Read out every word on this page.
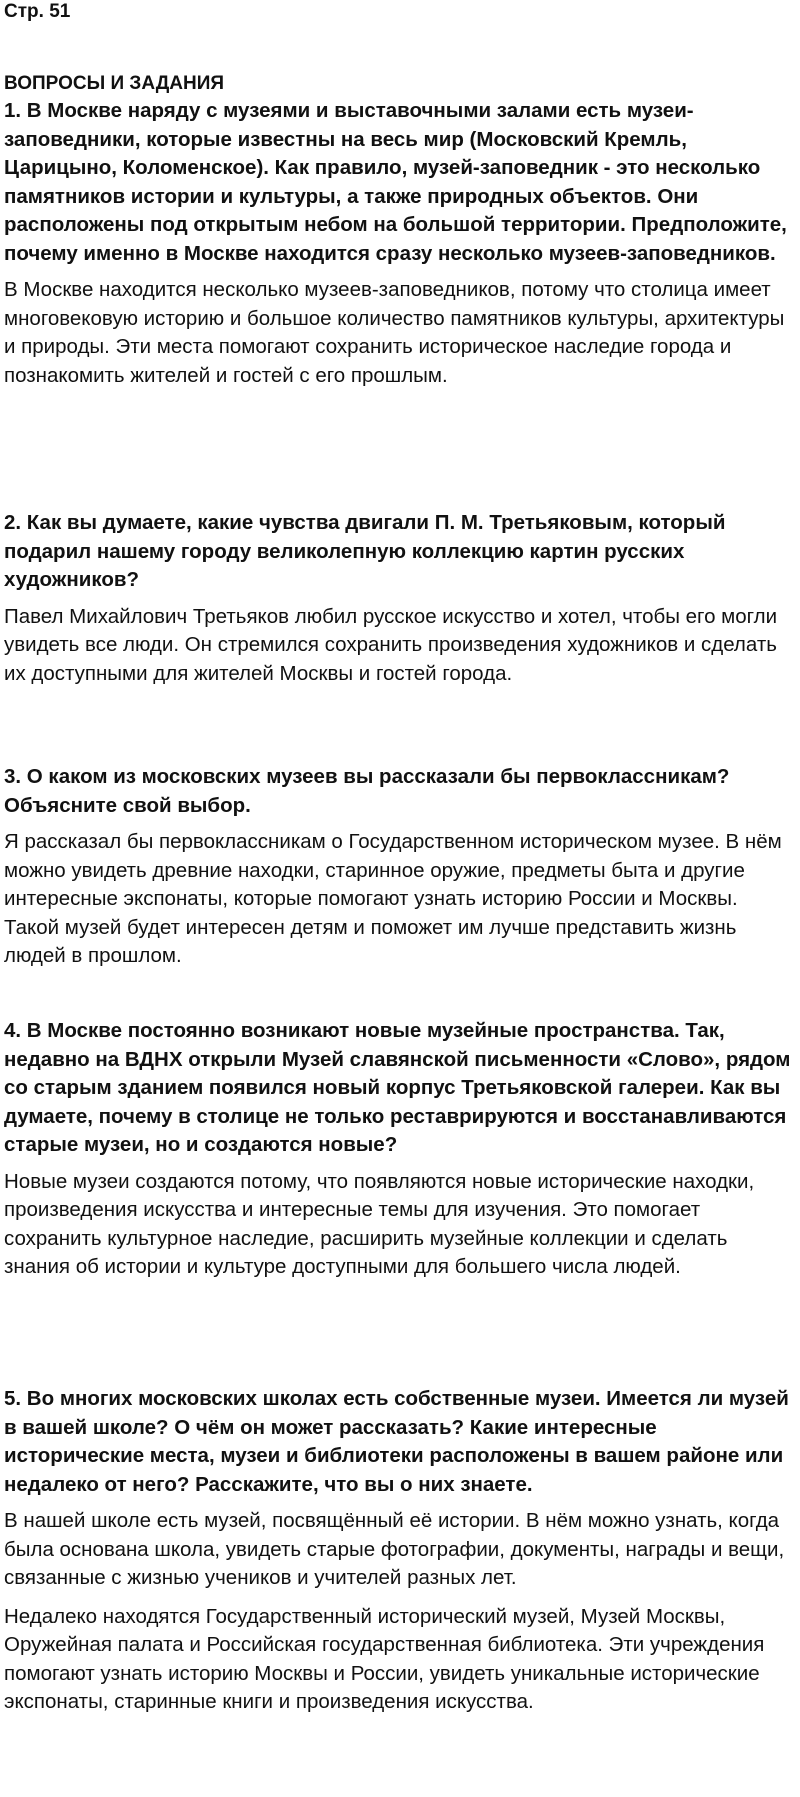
Стр. 51
ВОПРОСЫ И ЗАДАНИЯ

1. В Москве наряду с музеями и выставочными залами есть музеи-заповедники, которые известны на весь мир (Московский Кремль, Царицыно, Коломенское). Как правило, музей-заповедник - это несколько памятников истории и культуры, а также природных объектов. Они расположены под открытым небом на большой территории. Предположите, почему именно в Москве находится сразу несколько музеев-заповедников.

В Москве находится несколько музеев-заповедников, потому что столица имеет многовековую историю и большое количество памятников культуры, архитектуры и природы. Эти места помогают сохранить историческое наследие города и познакомить жителей и гостей с его прошлым.

2. Как вы думаете, какие чувства двигали П. М. Третьяковым, который подарил нашему городу великолепную коллекцию картин русских художников?

Павел Михайлович Третьяков любил русское искусство и хотел, чтобы его могли увидеть все люди. Он стремился сохранить произведения художников и сделать их доступными для жителей Москвы и гостей города.

3. О каком из московских музеев вы рассказали бы первоклассникам? Объясните свой выбор.

Я рассказал бы первоклассникам о Государственном историческом музее. В нём можно увидеть древние находки, старинное оружие, предметы быта и другие интересные экспонаты, которые помогают узнать историю России и Москвы. Такой музей будет интересен детям и поможет им лучше представить жизнь людей в прошлом.

4. В Москве постоянно возникают новые музейные пространства. Так, недавно на ВДНХ открыли Музей славянской письменности «Слово», рядом со старым зданием появился новый корпус Третьяковской галереи. Как вы думаете, почему в столице не только реставрируются и восстанавливаются старые музеи, но и создаются новые?

Новые музеи создаются потому, что появляются новые исторические находки, произведения искусства и интересные темы для изучения. Это помогает сохранить культурное наследие, расширить музейные коллекции и сделать знания об истории и культуре доступными для большего числа людей.

5. Во многих московских школах есть собственные музеи. Имеется ли музей в вашей школе? О чём он может рассказать? Какие интересные исторические места, музеи и библиотеки расположены в вашем районе или недалеко от него? Расскажите, что вы о них знаете.

В нашей школе есть музей, посвящённый её истории. В нём можно узнать, когда была основана школа, увидеть старые фотографии, документы, награды и вещи, связанные с жизнью учеников и учителей разных лет.

Недалеко находятся Государственный исторический музей, Музей Москвы, Оружейная палата и Российская государственная библиотека. Эти учреждения помогают узнать историю Москвы и России, увидеть уникальные исторические экспонаты, старинные книги и произведения искусства.
